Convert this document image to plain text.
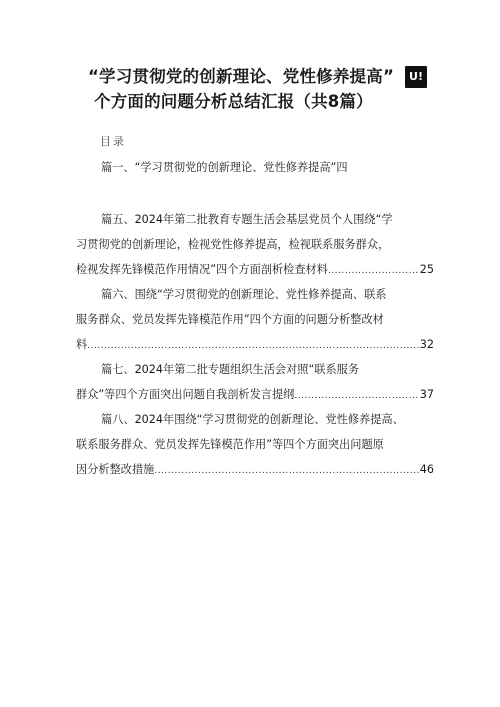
“学习贯彻党的创新理论、党性修养提高”
个方面的问题分析总结汇报（共8篇）
U!
目录
篇一、“学习贯彻党的创新理论、党性修养提高”四
篇五、2024年第二批教育专题生活会基层党员个人围绕“学
习贯彻党的创新理论，检视党性修养提高，检视联系服务群众，
检视发挥先锋模范作用情况”四个方面剖析检查材料 .....	25
篇六、围绕“学习贯彻党的创新理论、党性修养提高、联系
服务群众、党员发挥先锋模范作用”四个方面的问题分析整改材
料 .....	32
篇七、2024年第二批专题组织生活会对照“联系服务
群众”等四个方面突出问题自我剖析发言提纲 .....	37
篇八、2024年围绕“学习贯彻党的创新理论、党性修养提高、
联系服务群众、党员发挥先锋模范作用”等四个方面突出问题原
因分析整改措施 .....	46
